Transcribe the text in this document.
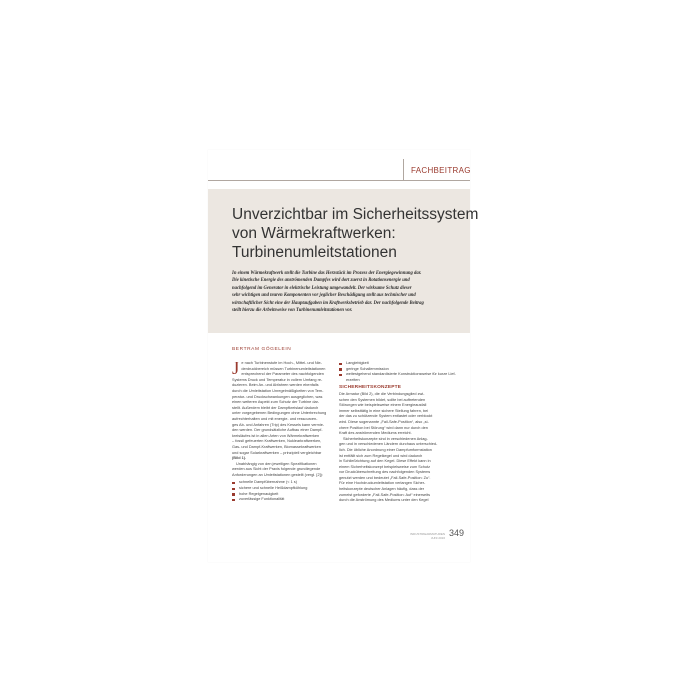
FACHBEITRAG
Unverzichtbar im Sicherheitssystem
von Wärmekraftwerken:
Turbinenumleitstationen

In einem Wärmekraftwerk stellt die Turbine das Herzstück im Prozess der Energiegewinnung dar.
Die kinetische Energie des anströmenden Dampfes wird dort zuerst in Rotationsenergie und
nachfolgend im Generator in elektrische Leistung umgewandelt. Der wirksame Schutz dieser
sehr wichtigen und teuren Komponenten vor jeglicher Beschädigung stellt aus technischer und
wirtschaftlicher Sicht eine der Hauptaufgaben im Kraftwerksbetrieb dar. Der nachfolgende Beitrag
stellt hierzu die Arbeitsweise von Turbinenumleitstationen vor.

BERTRAM GÖGELEIN

J e nach Turbinenstufe im Hoch-, Mittel- und Nie-
derdruckbereich müssen Turbinenumleitstationen
entsprechend der Parameter des nachfolgenden
Systems Druck und Temperatur in vollem Umfang re-
duzieren. Beim An- und Abfahren werden ebenfalls
durch die Umleitstation Unregelmäßigkeiten von Tem-
peratur- und Druckschwankungen ausgeglichen, was
einen weiteren Aspekt zum Schutz der Turbine dar-
stellt. Außerdem bleibt der Dampfkreislauf dadurch
unter vorgegebenen Bedingungen ohne Unterbrechung
aufrechterhalten und mit energie- und ressourcen-
ges Ab- und Anfahren (Trip) des Kessels kann vermie-
den werden. Der grundsätzliche Aufbau einer Dampf-
kreisläufes ist in allen Arten von Wärmekraftwerken
– fossil gefeuerten Kraftwerken, Nuklearkraftwerken,
Gas- und Dampf-Kraftwerken, Biomassekraftwerken
und sogar Solarkraftwerken – prinzipiell vergleichbar
(Bild 1).

Unabhängig von den jeweiligen Spezifikationen
werden aus Sicht der Praxis folgende grundlegende
Anforderungen an Umleitstationen gestellt (vergl. [2]):

schnelle Dampfübernahme (< 1 s)
sichere und schnelle Heißdampfkühlung
hohe Regelgenauigkeit
zuverlässige Funktionalität
Langlebigkeit
geringe Schallemmission
weitestgehend standardisierte Konstruktionsweise für kurze Lief-
erzeiten
SICHERHEITSKONZEPTE

Die Armatur (Bild 2), die die Verbindungsglied zwi-
schen den Systemen bildet, sollte bei auftretenden
Störungen wie beispielsweise einem Energieausfall
immer selbsttätig in eine sichere Stellung fahren, bei
der das zu schützende System entlastet oder verblockt
wird. Diese sogenannte „Fail-Safe-Position“, also „si-
chere Position bei Störung“ wird dann nur durch den
Kraft des anströmenden Mediums erreicht.

Sicherheitskonzepte sind in verschiedenen Anlag-
gen und in verschiedenen Ländern durchaus unterschied-
lich. Die übliche Anordnung einer Dampfumformstation
ist entfällt sich zum Regelkegel und wird dadurch
in Schließrichtung auf den Kegel. Diese Effekt kann in
einem Sicherheitskonzept beispielsweise zum Schutz
vor Drucküberschreitung des nachfolgenden Systems
genutzt werden und bedeutet „Fail-Safe-Position: Zu“.
Für eine Hochdruckumleitstation verlangen Sicher-
heitskonzepte deutscher Anlagen häufig, dass der
zumeist geforderte „Fail-Safe-Position: Auf“ einerseits
durch die Anströmung des Mediums unter den Kegel

INDUSTRIEARMATUREN
JUNI 2016 349
